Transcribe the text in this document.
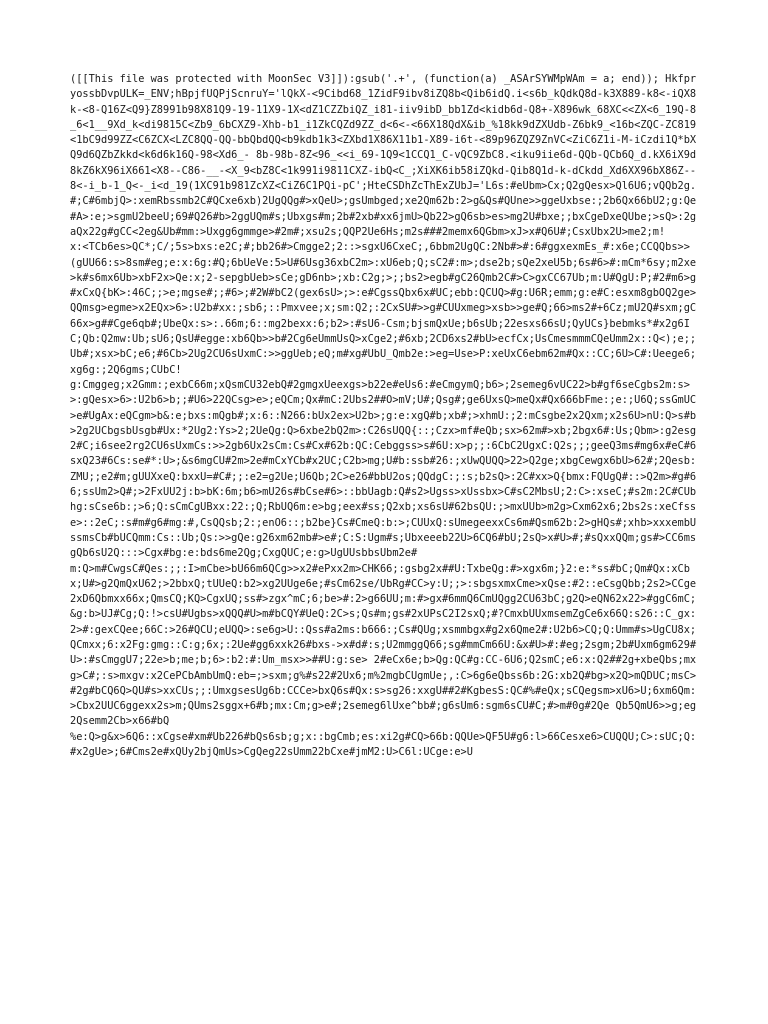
([[This file was protected with MoonSec V3]]):gsub('.+', (function(a) _ASArSYWMpWAm = a; end)); HkfpryossbDvpULK=_ENV;hBpjfUQPjScnruY='lQkX-<9Cibd68_1ZidF9ibv8iZQ8b<Qib6idQ.i<s6b_kQdkQ8d-k3X889-k8<-iQX8k-<8-Q16Z<Q9}Z8991b98X81Q9-19-11X9-1X<dZ1CZZbiQZ_i81-iiv9ibD_bb1Zd<kidb6d-Q8+-X896wk_68XC<<ZX<6_19Q-8_6<1__9Xd_k<di9815C<Zb9_6bCXZ9-Xhb-b1_i1ZkCQZd9ZZ_d<6<-<66X18QdX&ib_%18kk9dZXUdb-Z6bk9_<16b<ZQC-ZC819<1bC9d99ZZ<C6ZCX<LZC8QQ-QQ-bbQbdQQ<b9kdb1k3<ZXbd1X86X11b1-X89-i6t-<89p96ZQZ9ZnVC<ZiC6Z1i-M-iCzdi1Q*bXQ9d6QZbZkkd<k6d6k16Q-98<Xd6_- 8b-98b-8Z<96_<<i_69-1Q9<1CCQ1_C-vQC9ZbC8.<iku9iie6d-QQb-QCb6Q_d.kX6iX9d8kZ6kX96iX661<X8--C86-__-<X_9<bZ8C<1k991i9811CXZ-ibQ<C_;XiXK6ib58iZQkd-Qib8Q1d-k-dCkdd_Xd6XX96bX86Z--8<-i_b-1_Q<-_i<d_19(1XC91b981ZcXZ<CiZ6C1PQi-pC';HteCSDhZcThExZUbJ='L6s:#eUbm>Cx;Q2gQesx>Ql6U6;vQQb2g.#;C#6mbjQ>:xemRbssmb2C#QCxe6xb)2UgQQg#>xQeU>;gsUmbged;xe2Qm62b:2>g&Qs#QUne>>ggeUxbse:;2b6Qx66bU2;g:Qe#A>:e;>sgmU2beeU;69#Q26#b>2ggUQm#s;Ubxgs#m;2b#2xb#xx6jmU>Qb22>gQ6sb>es>mg2U#bxe;;bxCgeDxeQUbe;>sQ>:2gaQx22g#gCC<2eg&Ub#mm:>Uxgg6gmmge>#2m#;xsu2s;QQP2Ue6Hs;m2s###2memx6QGbm>xJ>x#Q6U#;CsxUbx2U>me2;m!
x:<TCb6es>QC*;C/;5s>bxs:e2C;#;bb26#>Cmgge2;2::>sgxU6CxeC;,6bbm2UgQC:2Nb#>#:6#ggxexmEs_#:x6e;CCQQbs>>(gUU66:s>8sm#eg;e:x:6g:#Q;6bUeVe:5>U#6Usg36xbC2m>:xU6eb;Q;sC2#:m>;dse2b;sQe2xeU5b;6s#6>#:mCm*6sy;m2xe>k#s6mx6Ub>xbF2x>Qe:x;2-sepgbUeb>sCe;gD6nb>;xb:C2g;>;;bs2>egb#gC26Qmb2C#>C>gxCC67Ub;m:U#QgU:P;#2#m6>g#xCxQ{bK>:46C;;>e;mgse#;;#6>;#2W#bC2(gex6sU>;>:e#CgssQbx6x#UC;ebb:QCUQ>#g:U6R;emm;g:e#C:esxm8gbOQ2ge>QQmsg>egme>x2EQx>6>:U2b#xx:;sb6;::Pmxvee;x;sm:Q2;:2CxSU#>>g#CUUxmeg>xsb>>ge#Q;66>ms2#+6Cz;mU2Q#sxm;gC66x>g##Cge6qb#;UbeQx:s>:.66m;6::mg2bexx:6;b2>:#sU6-Csm;bjsmQxUe;b6sUb;22esxs66sU;QyUCs}bebmks*#x2g6IC;Qb:Q2mw:Ub;sU6;QsU#egge:xb6Qb>>b#2Cg6eUmmUsQ>xCge2;#6xb;2CD6xs2#bU>ecfCx;UsCmesmmmCQeUmm2x::Q<);e;;Ub#;xsx>bC;e6;#6Cb>2Ug2CU6sUxmC:>>ggUeb;eQ;m#xg#UbU_Qmb2e:>eg=Use>P:xeUxC6ebm62m#Qx::CC;6U>C#:Ueege6;xg6g:;2Q6gms;CUbC!
g:Cmggeg;x2Gmm:;exbC66m;xQsmCU32ebQ#2gmgxUeexgs>b22e#eUs6:#eCmgymQ;b6>;2semeg6vUC22>b#gf6seCgbs2m:s>>:gQesx>6>:U2b6>b;;#U6>22QCsg>e>;eQCm;Qx#mC:2Ubs2##O>mV;U#;Qsg#;ge6UxsQ>meQx#Qx666bFme:;e:;U6Q;ssGmUC>e#UgAx:eQCgm>b&:e;bxs:mQgb#;x:6::N266:bUx2ex>U2b>;g:e:xgQ#b;xb#;>xhmU:;2:mCsgbe2x2Qxm;x2s6U>nU:Q>s#b>2g2UCbgsbUsgb#Ux:*2Ug2:Ys>2;2UeQg:Q>6xbe2bQ2m>:C26sUQQ{::;Czx>mf#eQb;sx>62m#>xb;2bgx6#:Us;Qbm>:g2esg2#C;i6see2rg2CU6sUxmCs:>>2gb6Ux2sCm:Cs#Cx#62b:QC:Cebggss>s#6U:x>p;;:6CbC2UgxC:Q2s;;;geeQ3ms#mg6x#eC#6sxQ23#6Cs:se#*:U>;&s6mgCU#2m>2e#mCxYCb#x2UC;C2b>mg;U#b:ssb#26:;xUwQUQQ>22>Q2ge;xbgCewgx6bU>62#;2Qesb:ZMU;;e2#m;gUUXxeQ:bxxU=#C#;;:e2=g2Ue;U6Qb;2C>e26#bbU2os;QQdgC:;:s;b2sQ>:2C#xx>Q{bmx:FQUgQ#::>Q2m>#g#66;ssUm2>Q#;>2FxUU2j:b>bK:6m;b6>mU26s#bCse#6>::bbUagb:Q#s2>Ugss>xUssbx>C#sC2MbsU;2:C>:xseC;#s2m:2C#CUbhg:sCse6b:;>6;Q:sCmCgUBxx:22:;Q;RbUQ6m:e>bg;eex#ss;Q2xb;xs6sU#62bsQU:;>mxUUb>m2g>Cxm62x6;2bs2s:xeCfsse>::2eC;:s#m#g6#mg:#,CsQQsb;2:;enO6::;b2be}Cs#CmeQ:b:>;CUUxQ:sUmegeexxCs6m#Qsm62b:2>gHQs#;xhb>xxxembUssmsCb#bUCQmm:Cs::Ub;Qs:>>gQe:g26xm62mb#>e#;C:S:Ugm#s;Ubxeeeb22U>6CQ6#bU;2sQ>x#U>#;#sQxxQQm;gs#>CC6msgQb6sU2Q:::>Cgx#bg:e:bds6me2Qg;CxgQUC;e:g>UgUUsbbsUbm2e#
m:Q>m#CwgsC#Qes:;;:I>mCbe>bU66m6QCg>>x2#ePxx2m>CHK66;:gsbg2x##U:TxbeQg:#>xgx6m;}2:e:*ss#bC;Qm#Qx:xCbx;U#>g2QmQxU62;>2bbxQ;tUUeQ:b2>xg2UUge6e;#sCm62se/UbRg#CC>y:U;;>:sbgsxmxCme>xQse:#2::eCsgQbb;2s2>CCge2xD6Qbmxx66x;QmsCQ;KQ>CgxUQ;ss#>zgx^mC;6;be>#:2>g66UU;m:#>gx#6mmQ6CmUQgg2CU63bC;g2Q>eQN62x22>#ggC6mC;&g:b>UJ#Cg;Q:!>csU#Ugbs>xQQQ#U>m#bCQY#UeQ:2C>s;Qs#m;gs#2xUPsC2I2sxQ;#?CmxbUUxmsemZgCe6x66Q:s26::C_gx:2>#:gexCQee;66C:>26#QCU;eUQQ>:se6g>U::Qss#a2ms:b666:;Cs#QUg;xsmmbgx#g2x6Qme2#:U2b6>CQ;Q:Umm#s>UgCU8x;QCmxx;6:x2Fg:gmg::C:g;6x;:2Ue#gg6xxk26#bxs->x#d#:s;U2mmggQ66;sg#mmCm66U:&x#U>#:#eg;2sgm;2b#Uxm6gm629#U>:#sCmggU7;22e>b;me;b;6>:b2:#:Um_msx>>##U:g:se> 2#eCx6e;b>Qg:QC#g:CC-6U6;Q2smC;e6:x:Q2##2g+xbeQbs;mxg>C#;:s>mxgv:x2CePCbAmbUmQ:eb=;>sxm;g%#s22#2Ux6;m%2mgbCUgmUe;,:C>6g6eQbss6b:2G:xb2Q#bg>x2Q>mQDUC;msC>#2g#bCQ6Q>QU#s>xxCUs;;:UmxgsesUg6b:CCCe>bxQ6s#Qx:s>sg26:xxgU##2#KgbesS:QC#%#eQx;sCQegsm>xU6>U;6xm6Qm:>Cbx2UUC6ggexx2s>m;QUms2sggx+6#b;mx:Cm;g>e#;2semeg6lUxe^bb#;g6sUm6:sgm6sCU#C;#>m#0g#2Qe Qb5QmU6>>g;eg2Qsemm2Cb>x66#bQ
%e:Q>g&x>6Q6::xCgse#xm#Ub226#bQs6sb;g;x::bgCmb;es:xi2g#CQ>66b:QQUe>QF5U#g6:l>66Cesxe6>CUQQU;C>:sUC;Q:#x2gUe>;6#Cms2e#xQUy2bjQmUs>CgQeg22sUmm22bCxe#jmM2:U>C6l:UCge:e>U
